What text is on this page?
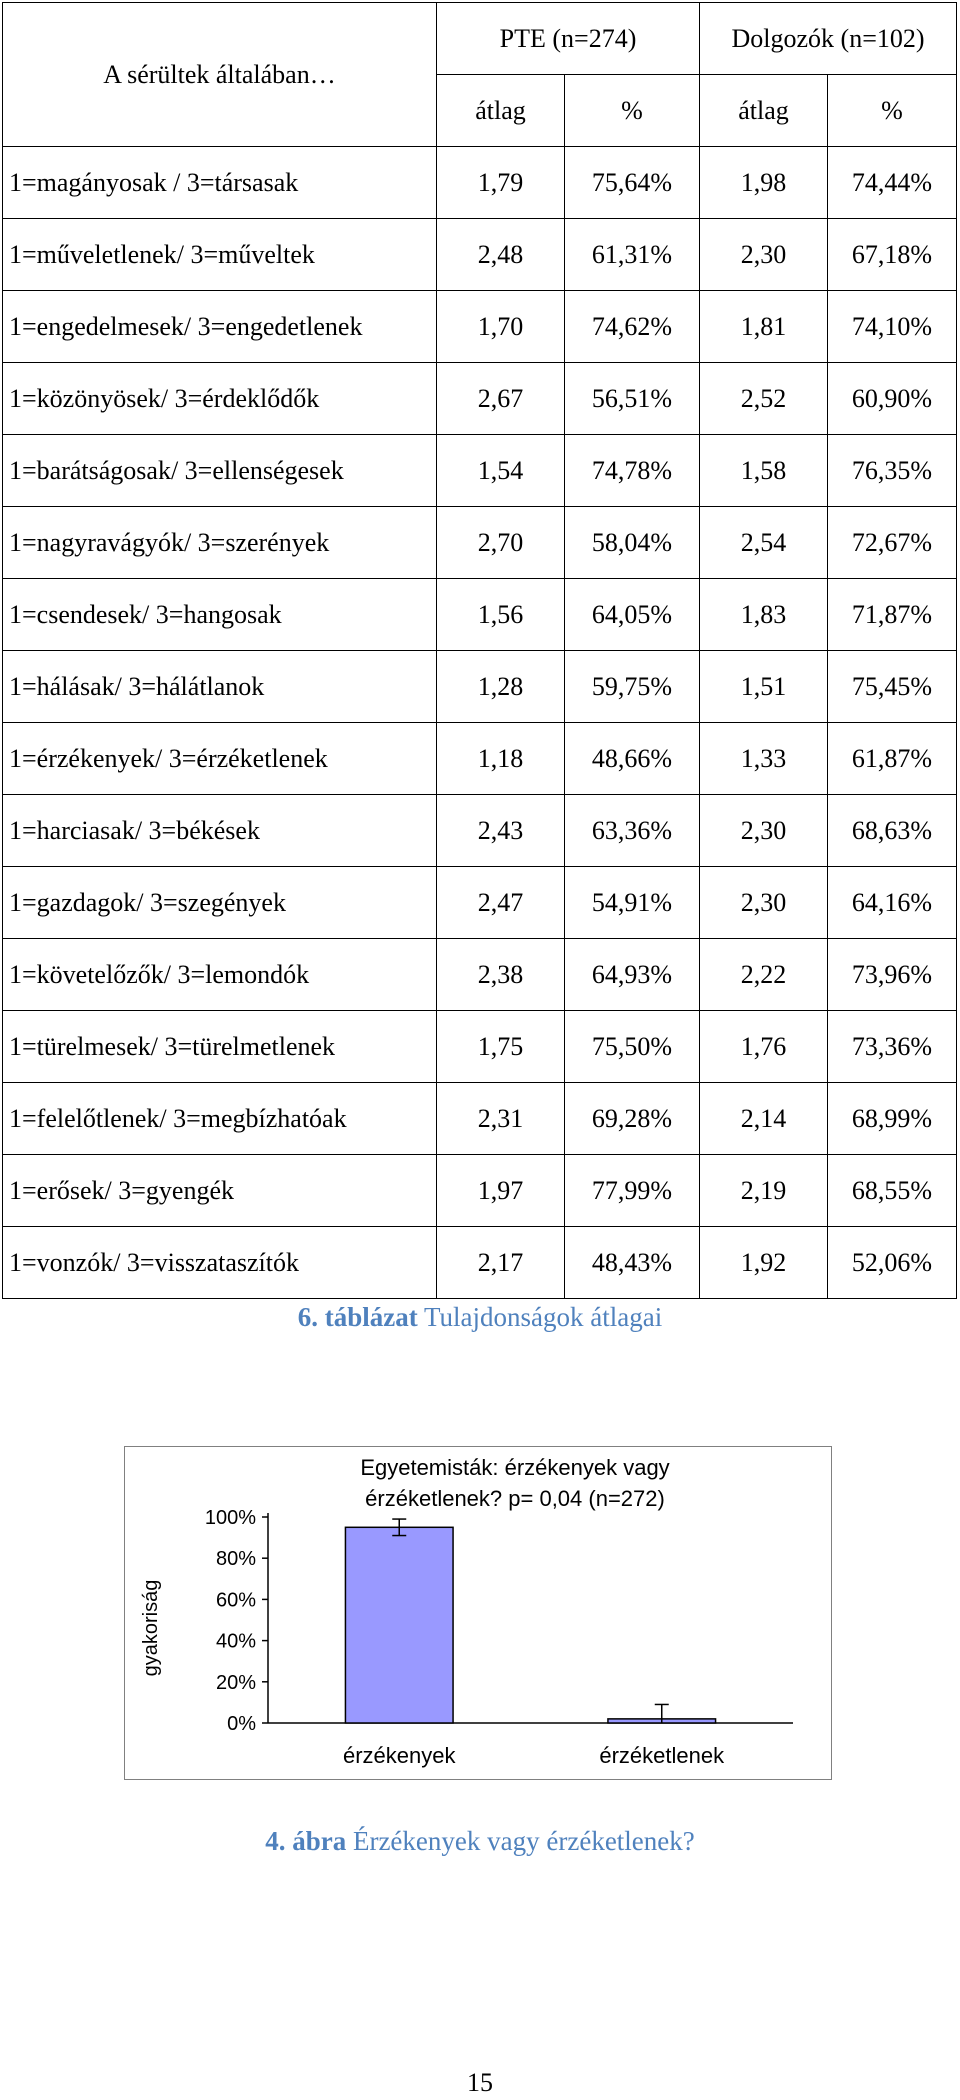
A sérültek általában…	PTE (n=274)		Dolgozók (n=102)	
	átlag	%	átlag	%
1=magányosak / 3=társasak	1,79	75,64%	1,98	74,44%
1=műveletlenek/ 3=műveltek	2,48	61,31%	2,30	67,18%
1=engedelmesek/ 3=engedetlenek	1,70	74,62%	1,81	74,10%
1=közönyösek/ 3=érdeklődők	2,67	56,51%	2,52	60,90%
1=barátságosak/ 3=ellenségesek	1,54	74,78%	1,58	76,35%
1=nagyravágyók/ 3=szerények	2,70	58,04%	2,54	72,67%
1=csendesek/ 3=hangosak	1,56	64,05%	1,83	71,87%
1=hálásak/ 3=hálátlanok	1,28	59,75%	1,51	75,45%
1=érzékenyek/ 3=érzéketlenek	1,18	48,66%	1,33	61,87%
1=harciasak/ 3=békések	2,43	63,36%	2,30	68,63%
1=gazdagok/ 3=szegények	2,47	54,91%	2,30	64,16%
1=követelőzők/ 3=lemondók	2,38	64,93%	2,22	73,96%
1=türelmesek/ 3=türelmetlenek	1,75	75,50%	1,76	73,36%
1=felelőtlenek/ 3=megbízhatóak	2,31	69,28%	2,14	68,99%
1=erősek/ 3=gyengék	1,97	77,99%	2,19	68,55%
1=vonzók/ 3=visszataszítók	2,17	48,43%	1,92	52,06%
6. táblázat Tulajdonságok átlagai
Egyetemisták: érzékenyek vagy
érzéketlenek? p= 0,04 (n=272)
gyakoriság
0%
20%
40%
60%
80%
100%
érzékenyek	érzéketlenek
4. ábra Érzékenyek vagy érzéketlenek?
15
